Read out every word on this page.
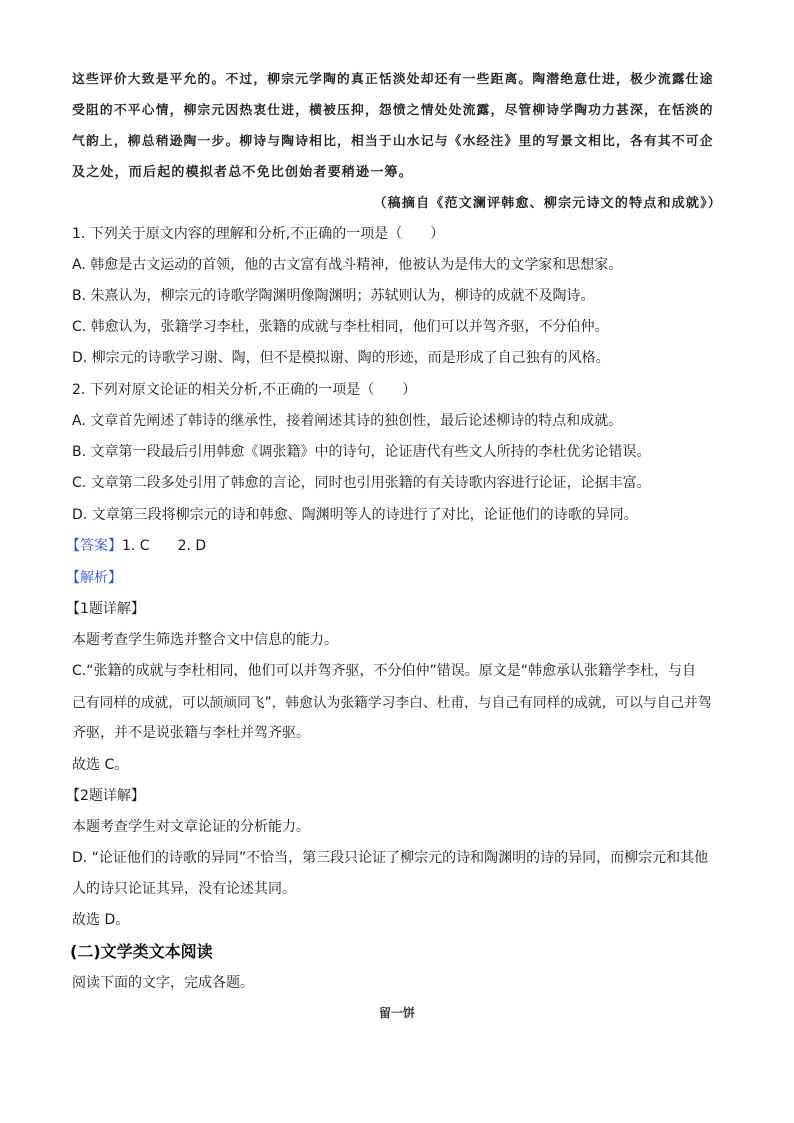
这些评价大致是平允的。不过，柳宗元学陶的真正恬淡处却还有一些距离。陶潜绝意仕进，极少流露仕途
受阻的不平心情，柳宗元因热衷仕进，横被压抑，怨愤之情处处流露，尽管柳诗学陶功力甚深，在恬淡的
气韵上，柳总稍逊陶一步。柳诗与陶诗相比，相当于山水记与《水经注》里的写景文相比，各有其不可企
及之处，而后起的模拟者总不免比创始者要稍逊一筹。
（稿摘自《范文澜评韩愈、柳宗元诗文的特点和成就》）
1. 下列关于原文内容的理解和分析,不正确的一项是（　　）
A. 韩愈是古文运动的首领，他的古文富有战斗精神，他被认为是伟大的文学家和思想家。
B. 朱熹认为，柳宗元的诗歌学陶渊明像陶渊明；苏轼则认为，柳诗的成就不及陶诗。
C. 韩愈认为，张籍学习李杜，张籍的成就与李杜相同，他们可以并驾齐驱，不分伯仲。
D. 柳宗元的诗歌学习谢、陶，但不是模拟谢、陶的形迹，而是形成了自己独有的风格。
2. 下列对原文论证的相关分析,不正确的一项是（　　）
A. 文章首先阐述了韩诗的继承性，接着阐述其诗的独创性，最后论述柳诗的特点和成就。
B. 文章第一段最后引用韩愈《调张籍》中的诗句，论证唐代有些文人所持的李杜优劣论错误。
C. 文章第二段多处引用了韩愈的言论，同时也引用张籍的有关诗歌内容进行论证，论据丰富。
D. 文章第三段将柳宗元的诗和韩愈、陶渊明等人的诗进行了对比，论证他们的诗歌的异同。
【答案】1. C　　2. D
【解析】
【1题详解】
本题考查学生筛选并整合文中信息的能力。
C.“张籍的成就与李杜相同，他们可以并驾齐驱，不分伯仲”错误。原文是“韩愈承认张籍学李杜，与自
己有同样的成就，可以颉颃同飞”，韩愈认为张籍学习李白、杜甫，与自己有同样的成就，可以与自己并驾
齐驱，并不是说张籍与李杜并驾齐驱。
故选 C。
【2题详解】
本题考查学生对文章论证的分析能力。
D. “论证他们的诗歌的异同”不恰当，第三段只论证了柳宗元的诗和陶渊明的诗的异同，而柳宗元和其他
人的诗只论证其异，没有论述其同。
故选 D。
(二)文学类文本阅读
阅读下面的文字，完成各题。
留一饼
